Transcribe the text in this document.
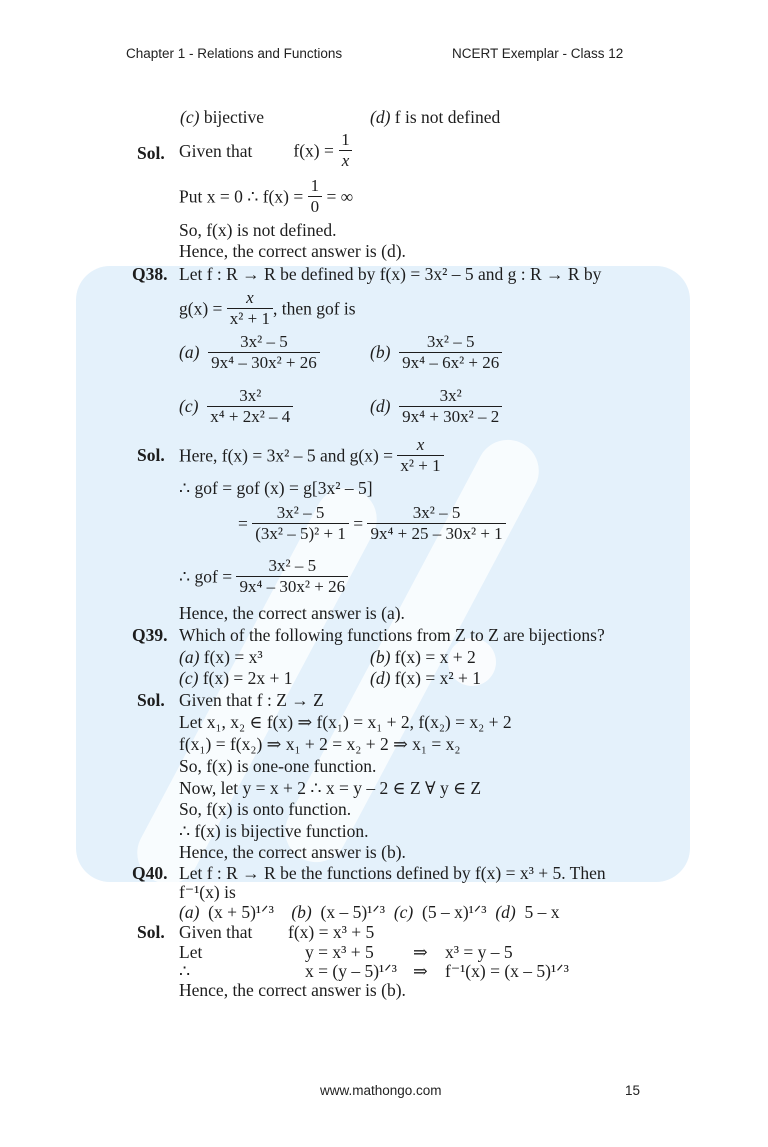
Chapter 1 - Relations and Functions	NCERT Exemplar - Class 12
(c) bijective	(d) f is not defined
Sol. Given that $f(x) = \frac{1}{x}$
Put x = 0 ∴ $f(x) = \frac{1}{0}$ = ∞
So, f(x) is not defined.
Hence, the correct answer is (d).
Q38. Let f : R → R be defined by f(x) = 3x² – 5 and g : R → R by
$g(x) = \frac{x}{\text{x² + 1}}$ , then gof is
$(a) \frac{\text{3x² – 5}}{\text{9x⁴ – 30x² + 26}}$	$(b) \frac{\text{3x² – 5}}{\text{9x⁴ – 6x² + 26}}$
$(c) \frac{\text{3x²}}{\text{x⁴ + 2x² – 4}}$	$(d) \frac{\text{3x²}}{\text{9x⁴ + 30x² – 2}}$
Sol. Here, f(x) = 3x² – 5 and $g(x) = \frac{x}{\text{x² + 1}}$
∴ gof = gof (x) = g[3x² – 5]
= $\frac{\text{3x² – 5}}{\text{(3x² – 5)² + 1}} = \frac{\text{3x² – 5}}{\text{9x⁴ + 25 – 30x² + 1}}$
∴ gof = $\frac{\text{3x² – 5}}{\text{9x⁴ – 30x² + 26}}$
Hence, the correct answer is (a).
Q39. Which of the following functions from Z to Z are bijections?
(a) f(x) = x³	(b) f(x) = x + 2
(c) f(x) = 2x + 1	(d) f(x) = x² + 1
Sol. Given that f : Z → Z
Let x₁, x₂ ∈ f(x) ⇒ f(x₁) = x₁ + 2, f(x₂) = x₂ + 2
f(x₁) = f(x₂) ⇒ x₁ + 2 = x₂ + 2 ⇒ x₁ = x₂
So, f(x) is one-one function.
Now, let y = x + 2 ∴ x = y – 2 ∈ Z ∀ y ∈ Z
So, f(x) is onto function.
∴ f(x) is bijective function.
Hence, the correct answer is (b).
Q40. Let f : R → R be the functions defined by f(x) = x³ + 5. Then
f⁻¹(x) is
(a) (x + 5)¹ᐟ³ (b) (x – 5)¹ᐟ³ (c) (5 – x)¹ᐟ³ (d) 5 – x
Sol. Given that f(x) = x³ + 5
Let	y = x³ + 5 ⇒ x³ = y – 5
∴	x = (y – 5)¹ᐟ³ ⇒ f⁻¹(x) = (x – 5)¹ᐟ³
Hence, the correct answer is (b).
www.mathongo.com	15
